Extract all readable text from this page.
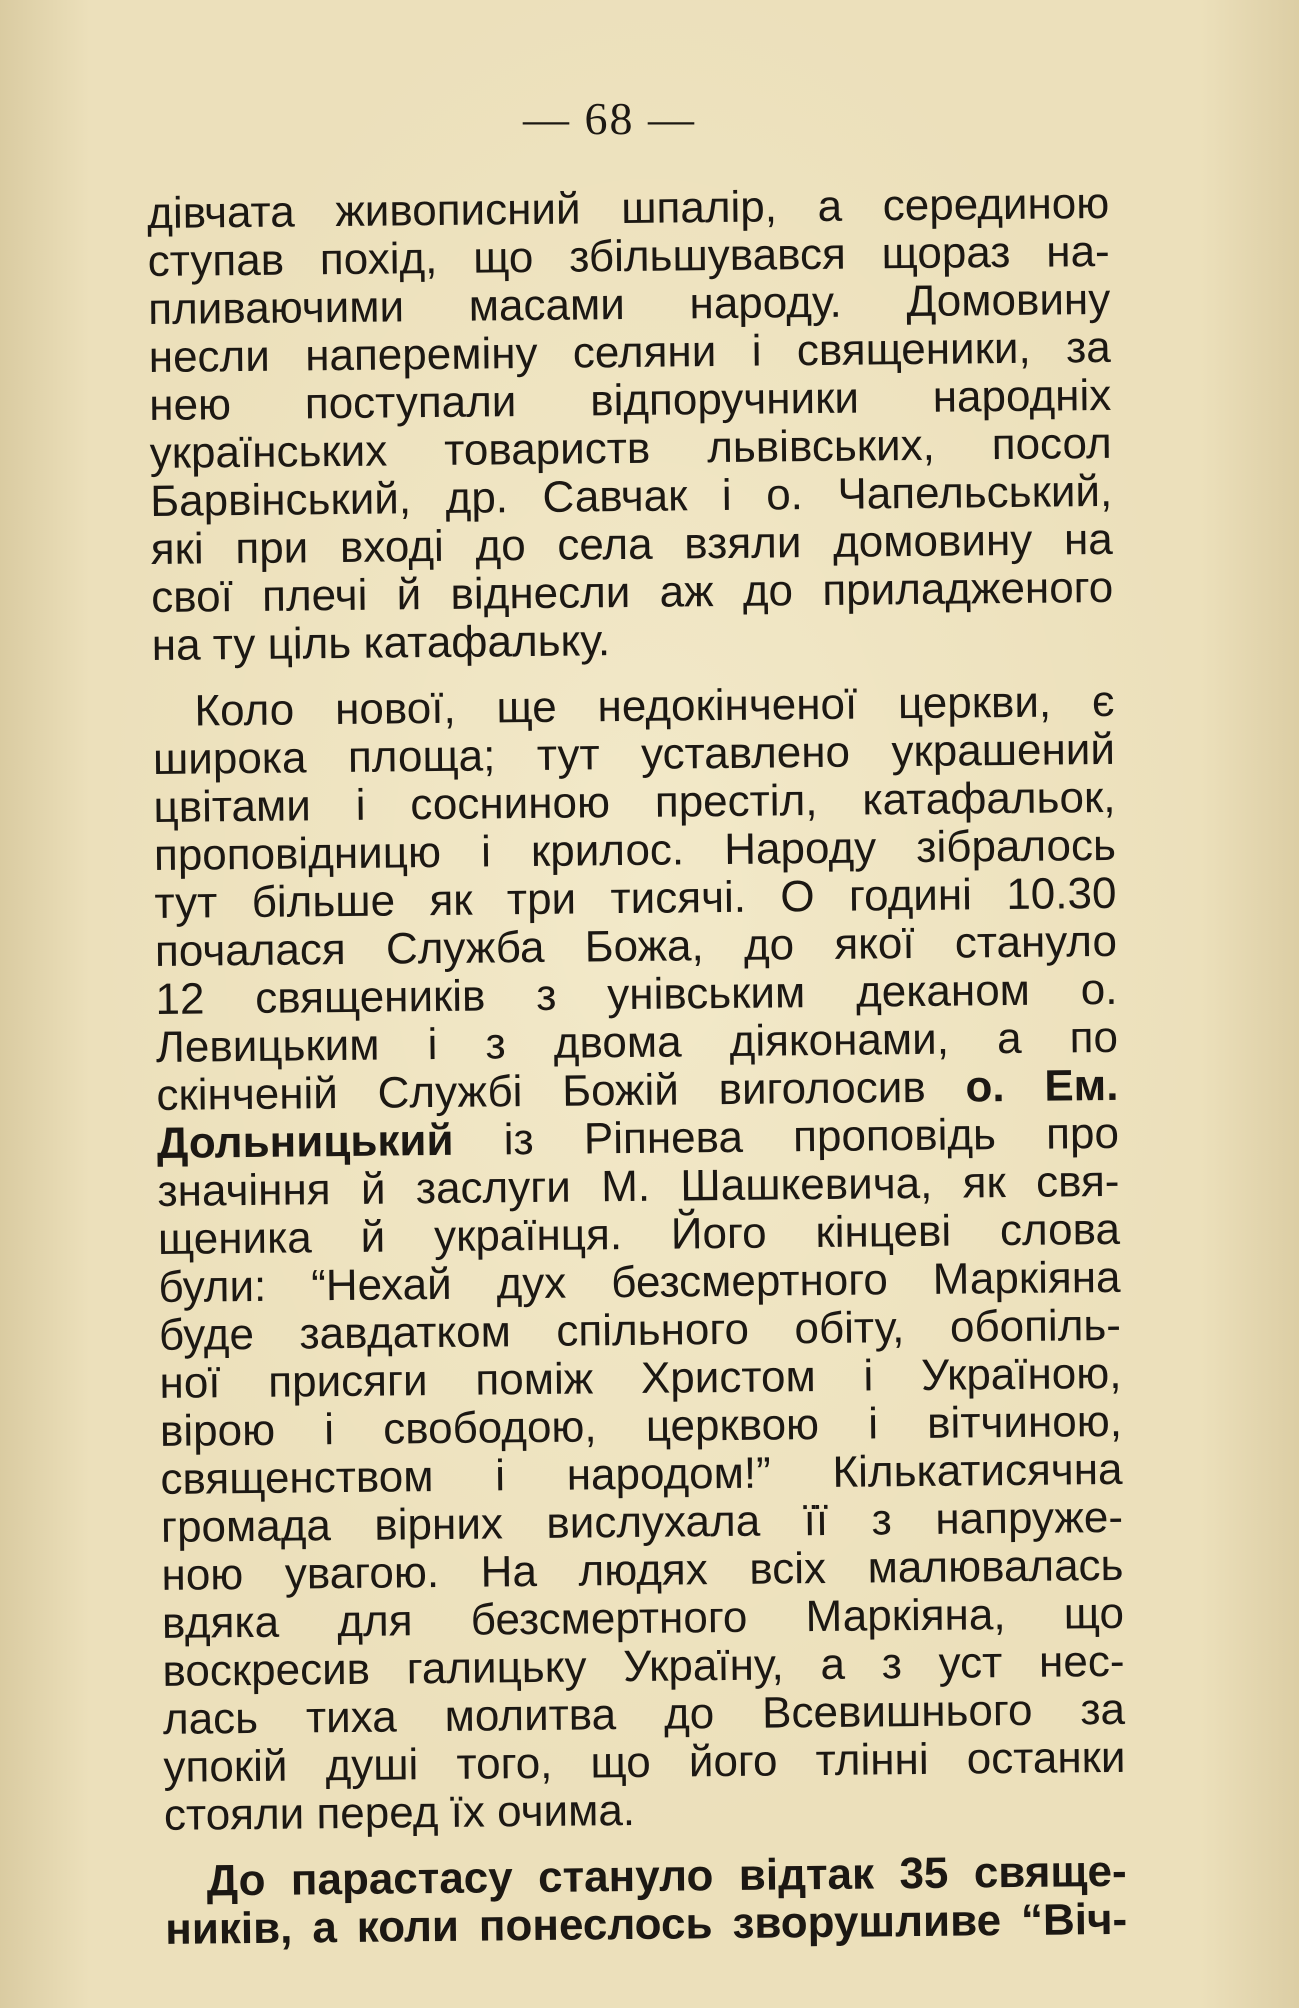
— 68 —
дівчата живописний шпалір, а серединою
ступав похід, що збільшувався щораз на-
пливаючими масами народу. Домовину
несли напереміну селяни і священики, за
нею поступали відпоручники народніх
українських товариств львівських, посол
Барвінський, др. Савчак і о. Чапельський,
які при вході до села взяли домовину на
свої плечі й віднесли аж до приладженого
на ту ціль катафальку.
Коло нової, ще недокінченої церкви, є
широка площа; тут уставлено украшений
цвітами і сосниною престіл, катафальок,
проповідницю і крилос. Народу зібралось
тут більше як три тисячі. О годині 10.30
почалася Служба Божа, до якої стануло
12 священиків з унівським деканом о.
Левицьким і з двома діяконами, а по
скінченій Службі Божій виголосив о. Ем.
Дольницький із Ріпнева проповідь про
значіння й заслуги М. Шашкевича, як свя-
щеника й українця. Його кінцеві слова
були: “Нехай дух безсмертного Маркіяна
буде завдатком спільного обіту, обопіль-
ної присяги поміж Христом і Україною,
вірою і свободою, церквою і вітчиною,
священством і народом!” Кількатисячна
громада вірних вислухала її з напруже-
ною увагою. На людях всіх малювалась
вдяка для безсмертного Маркіяна, що
воскресив галицьку Україну, а з уст нес-
лась тиха молитва до Всевишнього за
упокій душі того, що його тлінні останки
стояли перед їх очима.
До парастасу стануло відтак 35 свяще-
ників, а коли понеслось зворушливе “Віч-
